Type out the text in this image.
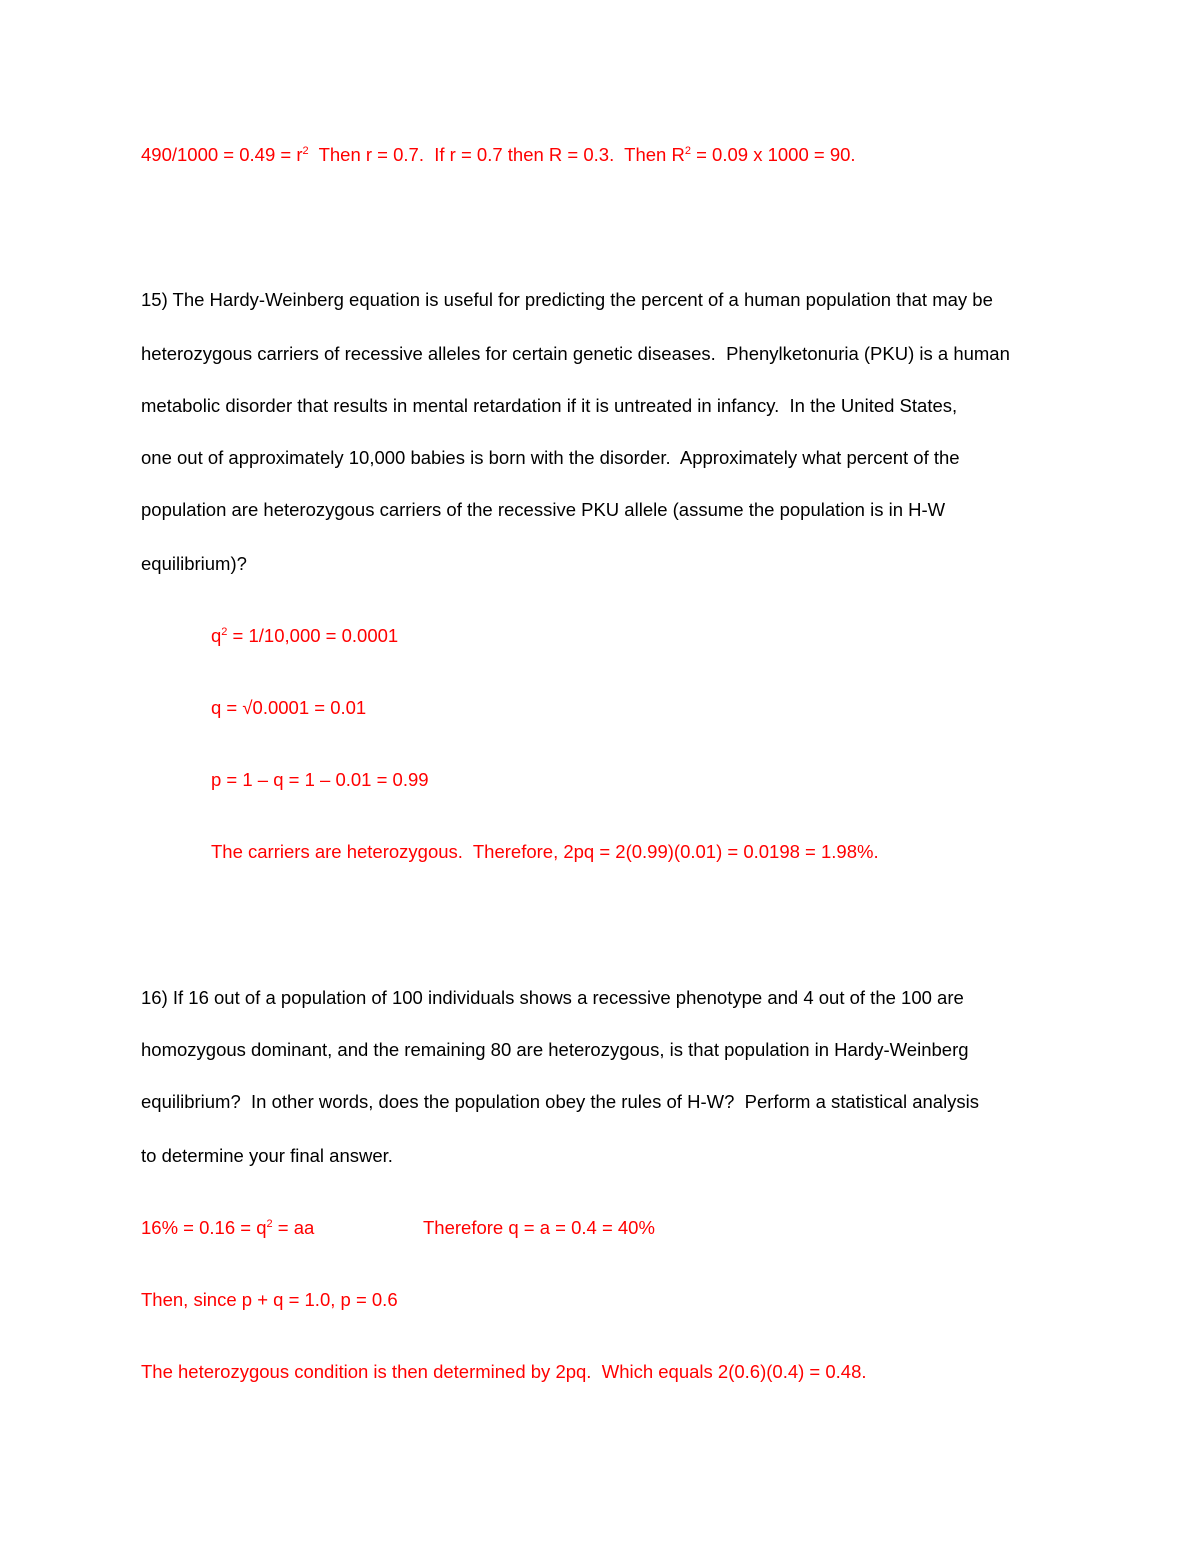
$490/1000 = 0.49 = r^2$  Then r = 0.7.  If r = 0.7 then R = 0.3.  Then $R^2 = 0.09$ x 1000 = 90.
15) The Hardy-Weinberg equation is useful for predicting the percent of a human population that may be
heterozygous carriers of recessive alleles for certain genetic diseases.  Phenylketonuria (PKU) is a human
metabolic disorder that results in mental retardation if it is untreated in infancy.  In the United States,
one out of approximately 10,000 babies is born with the disorder.  Approximately what percent of the
population are heterozygous carriers of the recessive PKU allele (assume the population is in H-W
equilibrium)?
$q^2 = 1/10,000 = 0.0001$
q = √0.0001 = 0.01
p = 1 – q = 1 – 0.01 = 0.99
The carriers are heterozygous.  Therefore, 2pq = 2(0.99)(0.01) = 0.0198 = 1.98%.
16) If 16 out of a population of 100 individuals shows a recessive phenotype and 4 out of the 100 are
homozygous dominant, and the remaining 80 are heterozygous, is that population in Hardy-Weinberg
equilibrium?  In other words, does the population obey the rules of H-W?  Perform a statistical analysis
to determine your final answer.
$16\% = 0.16 = q^2$ = aa	Therefore q = a = 0.4 = 40%
Then, since p + q = 1.0, p = 0.6
The heterozygous condition is then determined by 2pq.  Which equals 2(0.6)(0.4) = 0.48.
